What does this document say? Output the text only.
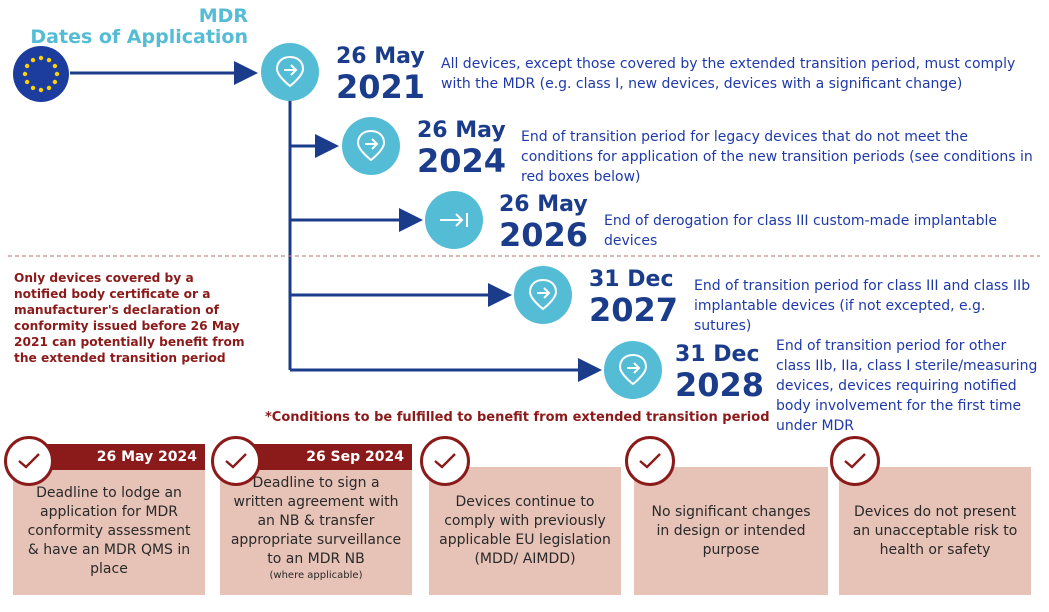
MDR
Dates of Application
26 May
2021
All devices, except those covered by the extended transition period, must comply with the MDR (e.g. class I, new devices, devices with a significant change)
26 May
2024
End of transition period for legacy devices that do not meet the conditions for application of the new transition periods (see conditions in red boxes below)
26 May
2026 End of derogation for class III custom-made implantable devices
31 Dec
2027
End of transition period for class III and class IIb implantable devices (if not excepted, e.g. sutures)
31 Dec
2028
End of transition period for other class IIb, IIa, class I sterile/measuring devices, devices requiring notified body involvement for the first time under MDR
Only devices covered by a notified body certificate or a manufacturer's declaration of conformity issued before 26 May 2021 can potentially benefit from the extended transition period
*Conditions to be fulfilled to benefit from extended transition period
Deadline to lodge an application for MDR conformity assessment & have an MDR QMS in place
26 May 2024
Deadline to sign a written agreement with an NB & transfer appropriate surveillance to an MDR NB
(where applicable)
26 Sep 2024
Devices continue to comply with previously applicable EU legislation (MDD/ AIMDD)
No significant changes in design or intended purpose
Devices do not present an unacceptable risk to health or safety
